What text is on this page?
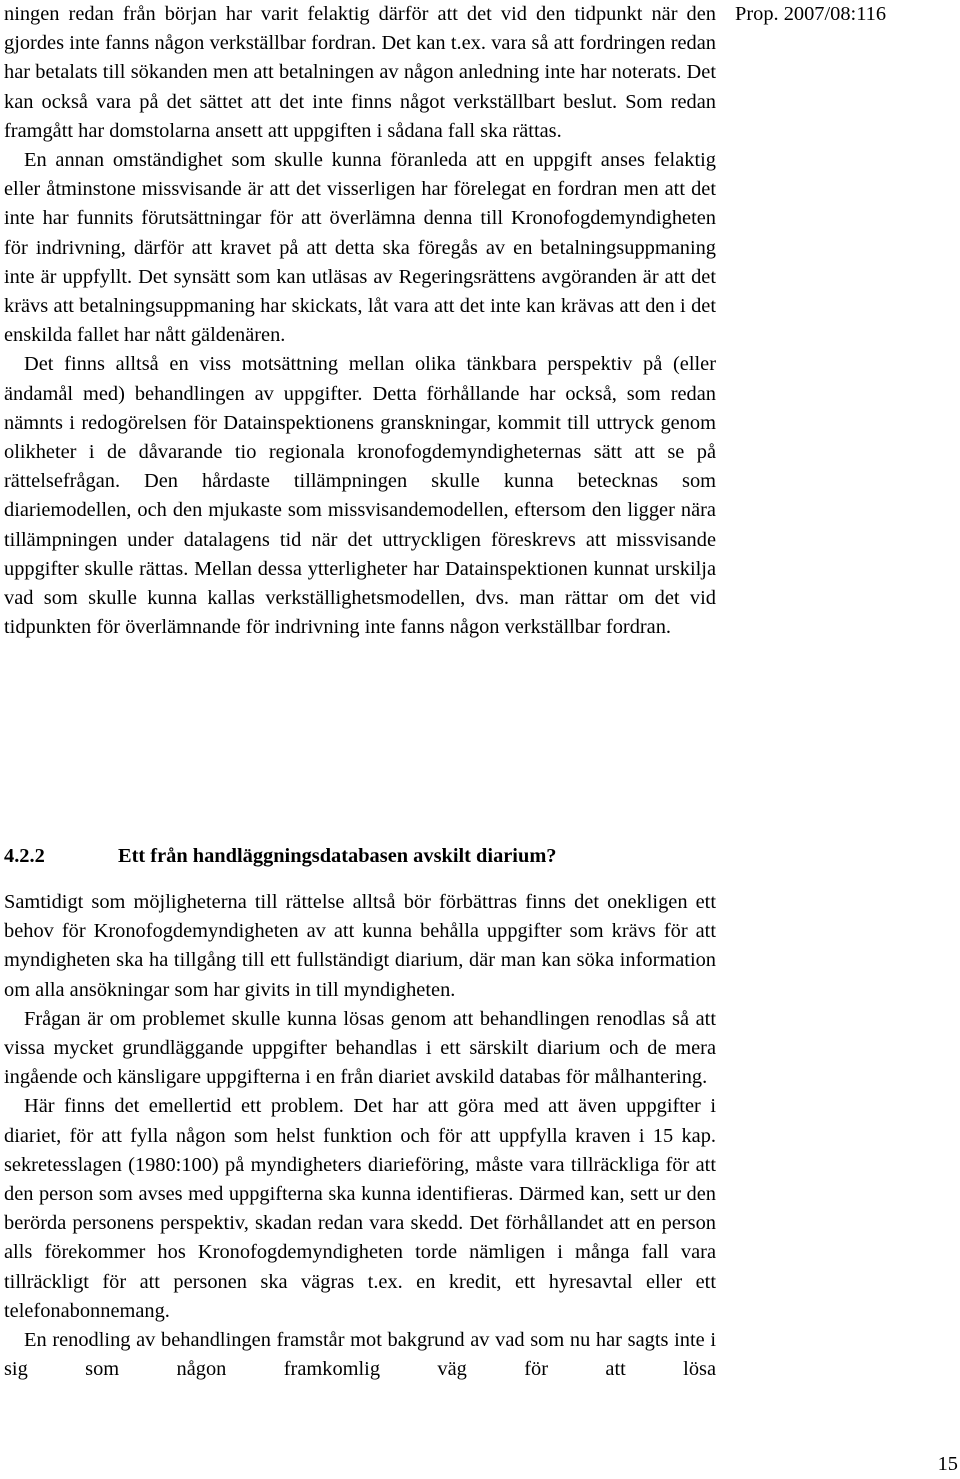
Prop. 2007/08:116

ningen redan från början har varit felaktig därför att det vid den tidpunkt när den gjordes inte fanns någon verkställbar fordran. Det kan t.ex. vara så att fordringen redan har betalats till sökanden men att betalningen av någon anledning inte har noterats. Det kan också vara på det sättet att det inte finns något verkställbart beslut. Som redan framgått har domstolarna ansett att uppgiften i sådana fall ska rättas.

En annan omständighet som skulle kunna föranleda att en uppgift anses felaktig eller åtminstone missvisande är att det visserligen har förelegat en fordran men att det inte har funnits förutsättningar för att överlämna denna till Kronofogdemyndigheten för indrivning, därför att kravet på att detta ska föregås av en betalningsuppmaning inte är uppfyllt. Det synsätt som kan utläsas av Regeringsrättens avgöranden är att det krävs att betalningsuppmaning har skickats, låt vara att det inte kan krävas att den i det enskilda fallet har nått gäldenären.

Det finns alltså en viss motsättning mellan olika tänkbara perspektiv på (eller ändamål med) behandlingen av uppgifter. Detta förhållande har också, som redan nämnts i redogörelsen för Datainspektionens granskningar, kommit till uttryck genom olikheter i de dåvarande tio regionala kronofogdemyndigheternas sätt att se på rättelsefrågan. Den hårdaste tillämpningen skulle kunna betecknas som diariemodellen, och den mjukaste som missvisandemodellen, eftersom den ligger nära tillämpningen under datalagens tid när det uttryckligen föreskrevs att missvisande uppgifter skulle rättas. Mellan dessa ytterligheter har Datainspektionen kunnat urskilja vad som skulle kunna kallas verkställighetsmodellen, dvs. man rättar om det vid tidpunkten för överlämnande för indrivning inte fanns någon verkställbar fordran.

4.2.2	Ett från handläggningsdatabasen avskilt diarium?

Samtidigt som möjligheterna till rättelse alltså bör förbättras finns det onekligen ett behov för Kronofogdemyndigheten av att kunna behålla uppgifter som krävs för att myndigheten ska ha tillgång till ett fullständigt diarium, där man kan söka information om alla ansökningar som har givits in till myndigheten.

Frågan är om problemet skulle kunna lösas genom att behandlingen renodlas så att vissa mycket grundläggande uppgifter behandlas i ett särskilt diarium och de mera ingående och känsligare uppgifterna i en från diariet avskild databas för målhantering.

Här finns det emellertid ett problem. Det har att göra med att även uppgifter i diariet, för att fylla någon som helst funktion och för att uppfylla kraven i 15 kap. sekretesslagen (1980:100) på myndigheters diarieföring, måste vara tillräckliga för att den person som avses med uppgifterna ska kunna identifieras. Därmed kan, sett ur den berörda personens perspektiv, skadan redan vara skedd. Det förhållandet att en person alls förekommer hos Kronofogdemyndigheten torde nämligen i många fall vara tillräckligt för att personen ska vägras t.ex. en kredit, ett hyresavtal eller ett telefonabonnemang.

En renodling av behandlingen framstår mot bakgrund av vad som nu har sagts inte i sig som någon framkomlig väg för att lösa

15
